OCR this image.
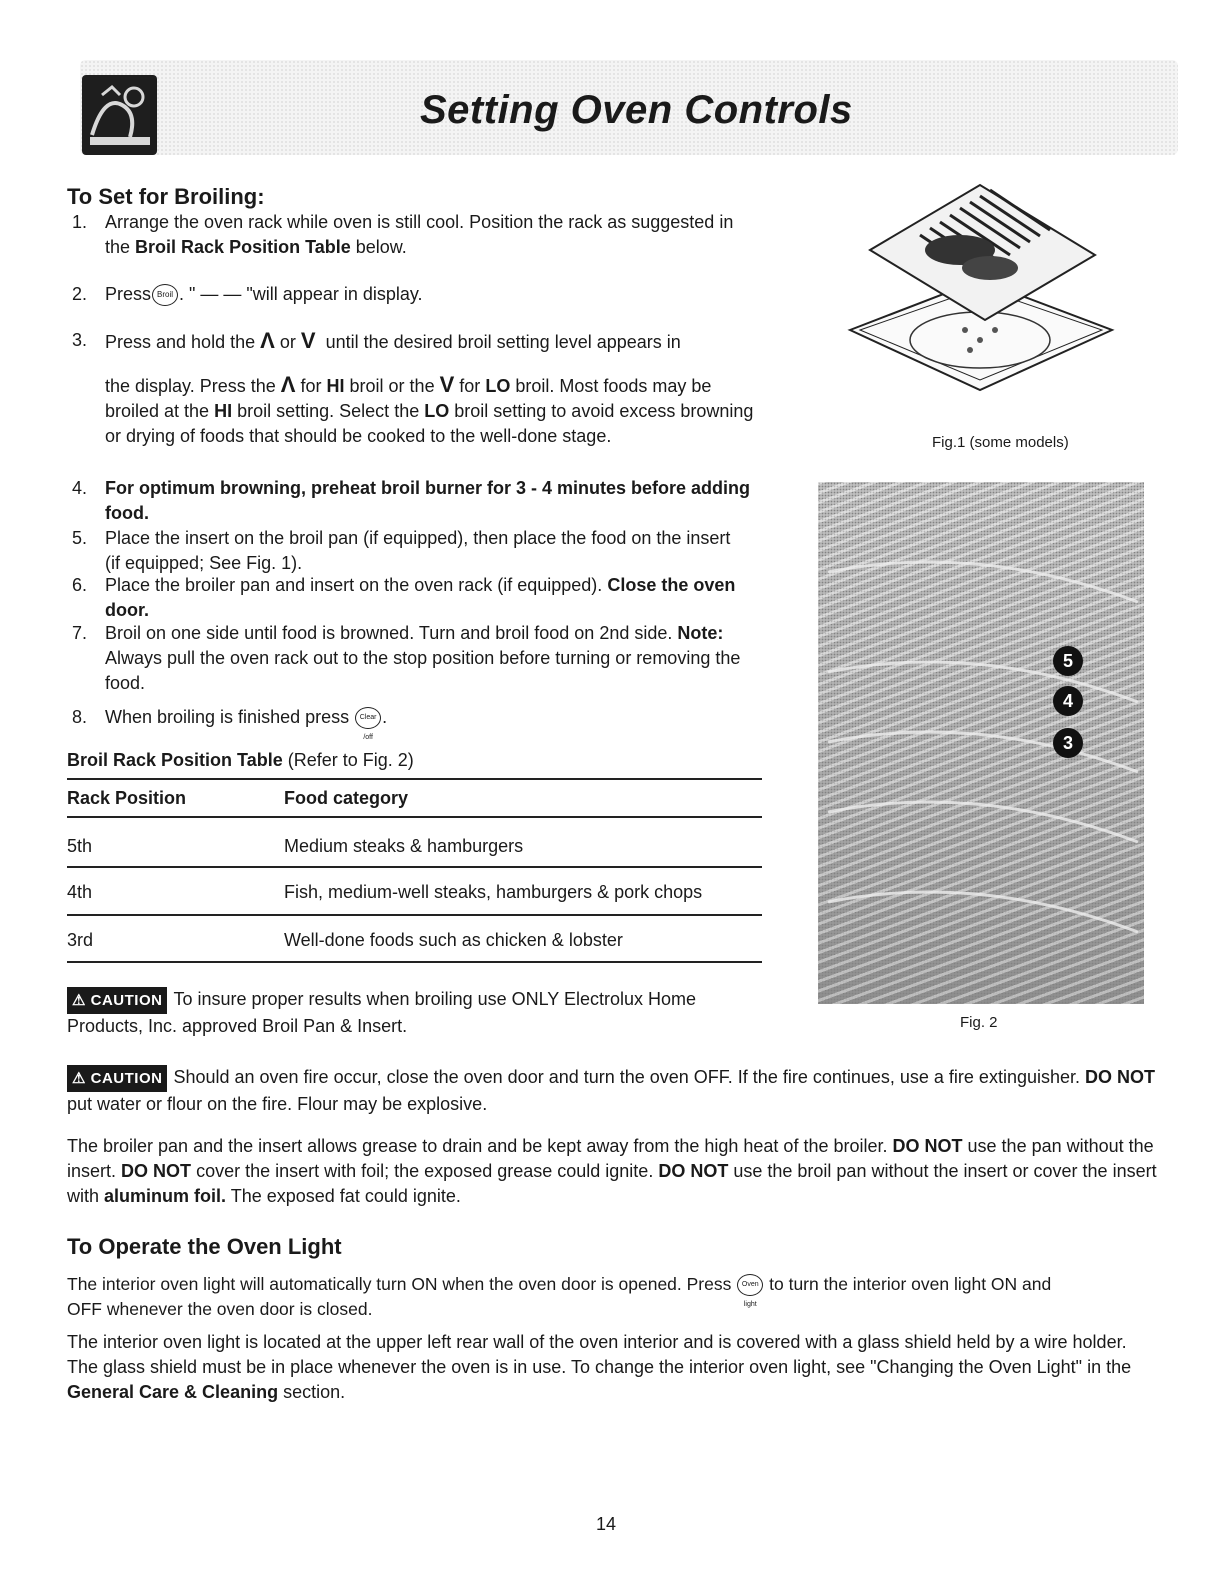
Setting Oven Controls
To Set for Broiling:
1. Arrange the oven rack while oven is still cool. Position the rack as suggested in the Broil Rack Position Table below.

2. Press Broil . " — — "will appear in display.

3. Press and hold the Λ or V until the desired broil setting level appears in

the display. Press the Λ for HI broil or the V for LO broil. Most foods may be broiled at the HI broil setting. Select the LO broil setting to avoid excess browning or drying of foods that should be cooked to the well-done stage.

4. For optimum browning, preheat broil burner for 3 - 4 minutes before adding food.

5. Place the insert on the broil pan (if equipped), then place the food on the insert (if equipped; See Fig. 1).

6. Place the broiler pan and insert on the oven rack (if equipped). Close the oven door.

7. Broil on one side until food is browned. Turn and broil food on 2nd side. Note: Always pull the oven rack out to the stop position before turning or removing the food.

8. When broiling is finished press Clear /off.

Broil Rack Position Table (Refer to Fig. 2)

Rack Position	Food category
5th	Medium steaks & hamburgers
4th	Fish, medium-well steaks, hamburgers & pork chops
3rd	Well-done foods such as chicken & lobster

⚠ CAUTION To insure proper results when broiling use ONLY Electrolux Home Products, Inc. approved Broil Pan & Insert.

⚠ CAUTION Should an oven fire occur, close the oven door and turn the oven OFF. If the fire continues, use a fire extinguisher. DO NOT put water or flour on the fire. Flour may be explosive.

The broiler pan and the insert allows grease to drain and be kept away from the high heat of the broiler. DO NOT use the pan without the insert. DO NOT cover the insert with foil; the exposed grease could ignite. DO NOT use the broil pan without the insert or cover the insert with aluminum foil. The exposed fat could ignite.

To Operate the Oven Light

The interior oven light will automatically turn ON when the oven door is opened. Press Oven light to turn the interior oven light ON and
OFF whenever the oven door is closed.

The interior oven light is located at the upper left rear wall of the oven interior and is covered with a glass shield held by a wire holder. The glass shield must be in place whenever the oven is in use. To change the interior oven light, see "Changing the Oven Light" in the General Care & Cleaning section.

Fig.1 (some models)
5
4
3
Fig. 2
14
